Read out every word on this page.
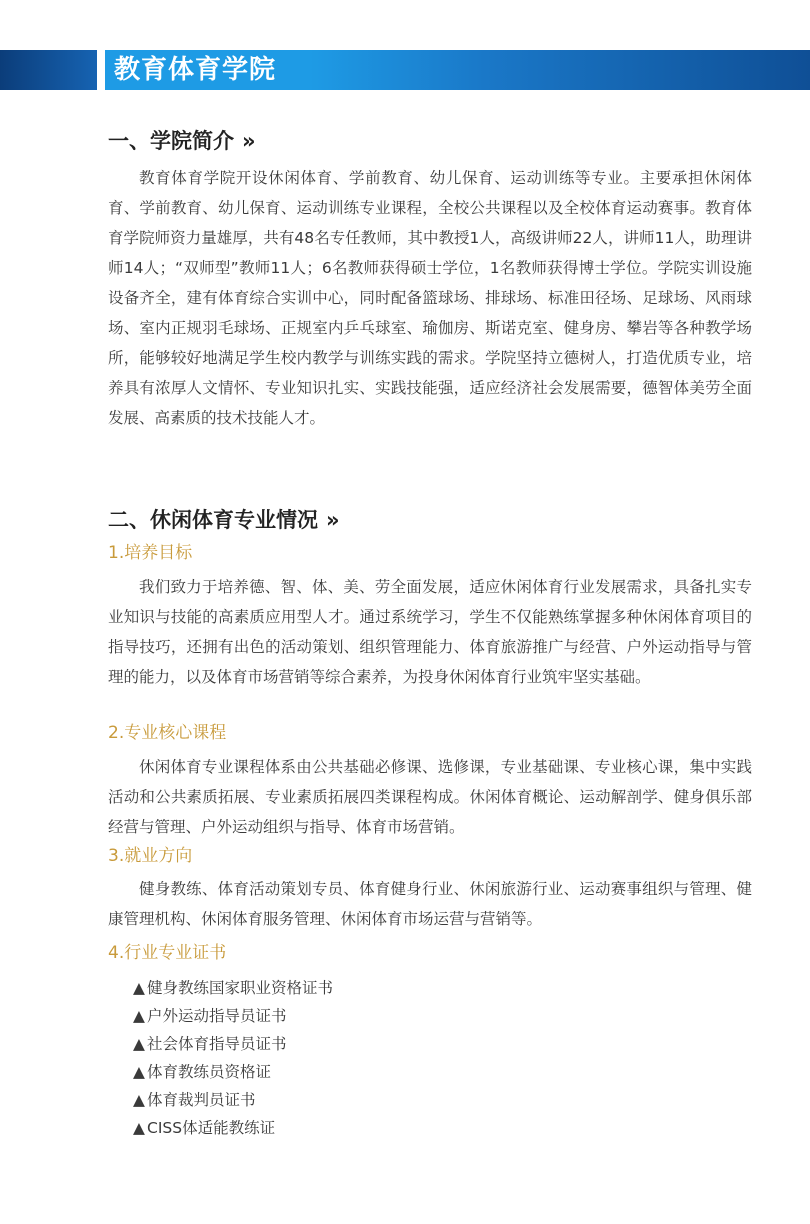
教育体育学院
一、学院简介 »

教育体育学院开设休闲体育、学前教育、幼儿保育、运动训练等专业。主要承担休闲体育、学前教育、幼儿保育、运动训练专业课程，全校公共课程以及全校体育运动赛事。教育体育学院师资力量雄厚，共有48名专任教师，其中教授1人，高级讲师22人，讲师11人，助理讲师14人；“双师型”教师11人；6名教师获得硕士学位，1名教师获得博士学位。学院实训设施设备齐全，建有体育综合实训中心，同时配备篮球场、排球场、标准田径场、足球场、风雨球场、室内正规羽毛球场、正规室内乒乓球室、瑜伽房、斯诺克室、健身房、攀岩等各种教学场所，能够较好地满足学生校内教学与训练实践的需求。学院坚持立德树人，打造优质专业，培养具有浓厚人文情怀、专业知识扎实、实践技能强，适应经济社会发展需要，德智体美劳全面发展、高素质的技术技能人才。

二、休闲体育专业情况 »
1.培养目标

我们致力于培养德、智、体、美、劳全面发展，适应休闲体育行业发展需求，具备扎实专业知识与技能的高素质应用型人才。通过系统学习，学生不仅能熟练掌握多种休闲体育项目的指导技巧，还拥有出色的活动策划、组织管理能力、体育旅游推广与经营、户外运动指导与管理的能力，以及体育市场营销等综合素养，为投身休闲体育行业筑牢坚实基础。

2.专业核心课程

休闲体育专业课程体系由公共基础必修课、选修课，专业基础课、专业核心课，集中实践活动和公共素质拓展、专业素质拓展四类课程构成。休闲体育概论、运动解剖学、健身俱乐部经营与管理、户外运动组织与指导、体育市场营销。

3.就业方向

健身教练、体育活动策划专员、体育健身行业、休闲旅游行业、运动赛事组织与管理、健康管理机构、休闲体育服务管理、休闲体育市场运营与营销等。

4.行业专业证书
▲ 健身教练国家职业资格证书
▲ 户外运动指导员证书
▲ 社会体育指导员证书
▲ 体育教练员资格证
▲ 体育裁判员证书
▲ CISS体适能教练证
